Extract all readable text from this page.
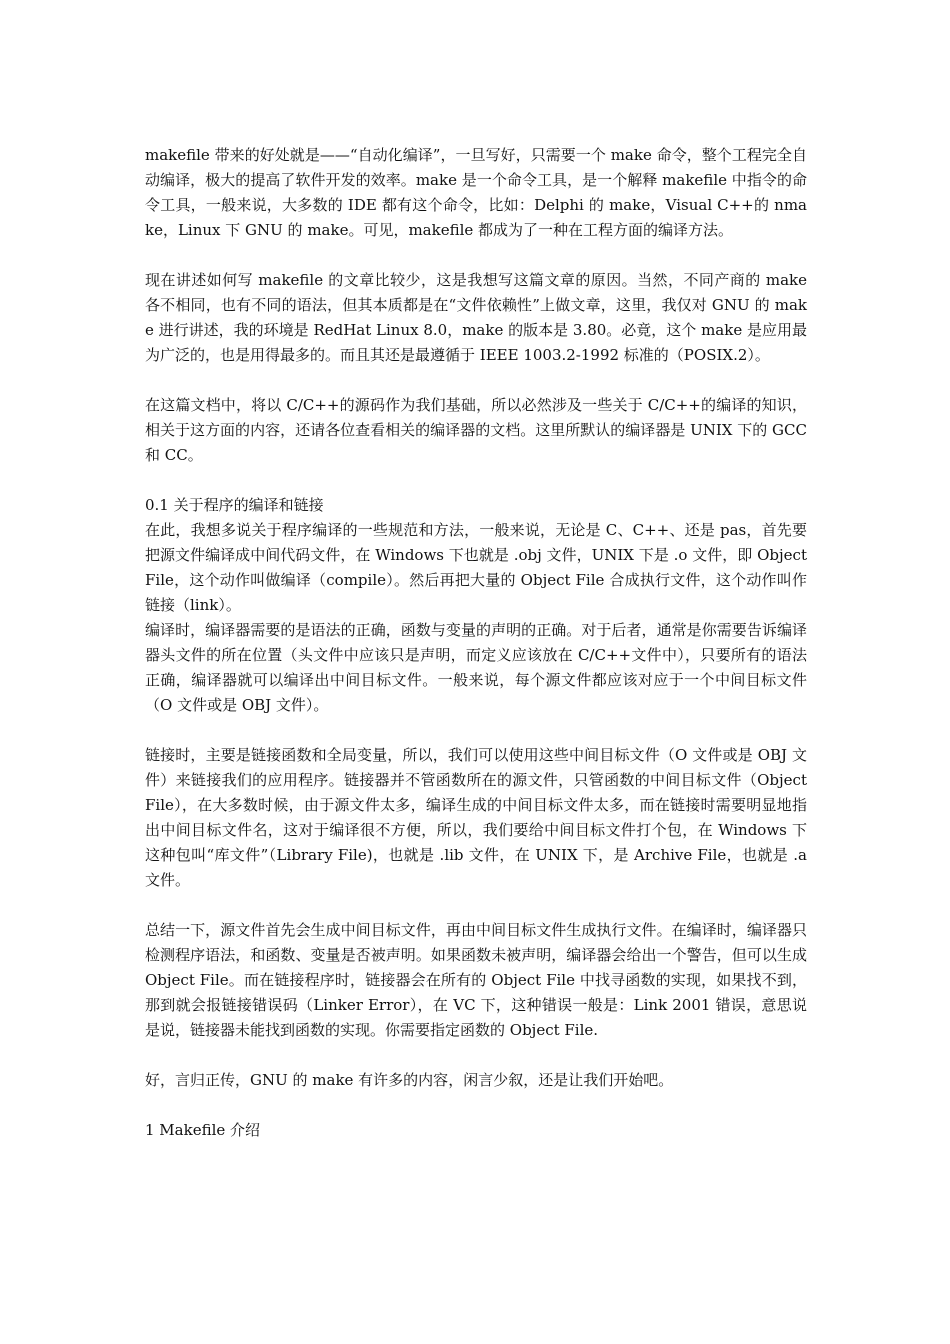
makefile 带来的好处就是——“自动化编译”，一旦写好，只需要一个 make 命令，整个工程完全自动编译，极大的提高了软件开发的效率。make 是一个命令工具，是一个解释 makefile 中指令的命令工具，一般来说，大多数的 IDE 都有这个命令，比如：Delphi 的 make，Visual C++的 nmake，Linux 下 GNU 的 make。可见，makefile 都成为了一种在工程方面的编译方法。

现在讲述如何写 makefile 的文章比较少，这是我想写这篇文章的原因。当然，不同产商的 make 各不相同，也有不同的语法，但其本质都是在“文件依赖性”上做文章，这里，我仅对 GNU 的 make 进行讲述，我的环境是 RedHat Linux 8.0，make 的版本是 3.80。必竟，这个 make 是应用最为广泛的，也是用得最多的。而且其还是最遵循于 IEEE 1003.2-1992 标准的（POSIX.2）。

在这篇文档中，将以 C/C++的源码作为我们基础，所以必然涉及一些关于 C/C++的编译的知识，相关于这方面的内容，还请各位查看相关的编译器的文档。这里所默认的编译器是 UNIX 下的 GCC 和 CC。

0.1 关于程序的编译和链接

在此，我想多说关于程序编译的一些规范和方法，一般来说，无论是 C、C++、还是 pas，首先要把源文件编译成中间代码文件，在 Windows 下也就是 .obj 文件，UNIX 下是 .o 文件，即 Object File，这个动作叫做编译（compile）。然后再把大量的 Object File 合成执行文件，这个动作叫作链接（link）。

编译时，编译器需要的是语法的正确，函数与变量的声明的正确。对于后者，通常是你需要告诉编译器头文件的所在位置（头文件中应该只是声明，而定义应该放在 C/C++文件中），只要所有的语法正确，编译器就可以编译出中间目标文件。一般来说，每个源文件都应该对应于一个中间目标文件（O 文件或是 OBJ 文件）。

链接时，主要是链接函数和全局变量，所以，我们可以使用这些中间目标文件（O 文件或是 OBJ 文件）来链接我们的应用程序。链接器并不管函数所在的源文件，只管函数的中间目标文件（Object File），在大多数时候，由于源文件太多，编译生成的中间目标文件太多，而在链接时需要明显地指出中间目标文件名，这对于编译很不方便，所以，我们要给中间目标文件打个包，在 Windows 下这种包叫“库文件”（Library File)，也就是 .lib 文件，在 UNIX 下，是 Archive File，也就是 .a 文件。

总结一下，源文件首先会生成中间目标文件，再由中间目标文件生成执行文件。在编译时，编译器只检测程序语法，和函数、变量是否被声明。如果函数未被声明，编译器会给出一个警告，但可以生成 Object File。而在链接程序时，链接器会在所有的 Object File 中找寻函数的实现，如果找不到，那到就会报链接错误码（Linker Error），在 VC 下，这种错误一般是：Link 2001 错误，意思说是说，链接器未能找到函数的实现。你需要指定函数的 Object File.

好，言归正传，GNU 的 make 有许多的内容，闲言少叙，还是让我们开始吧。

1 Makefile 介绍
